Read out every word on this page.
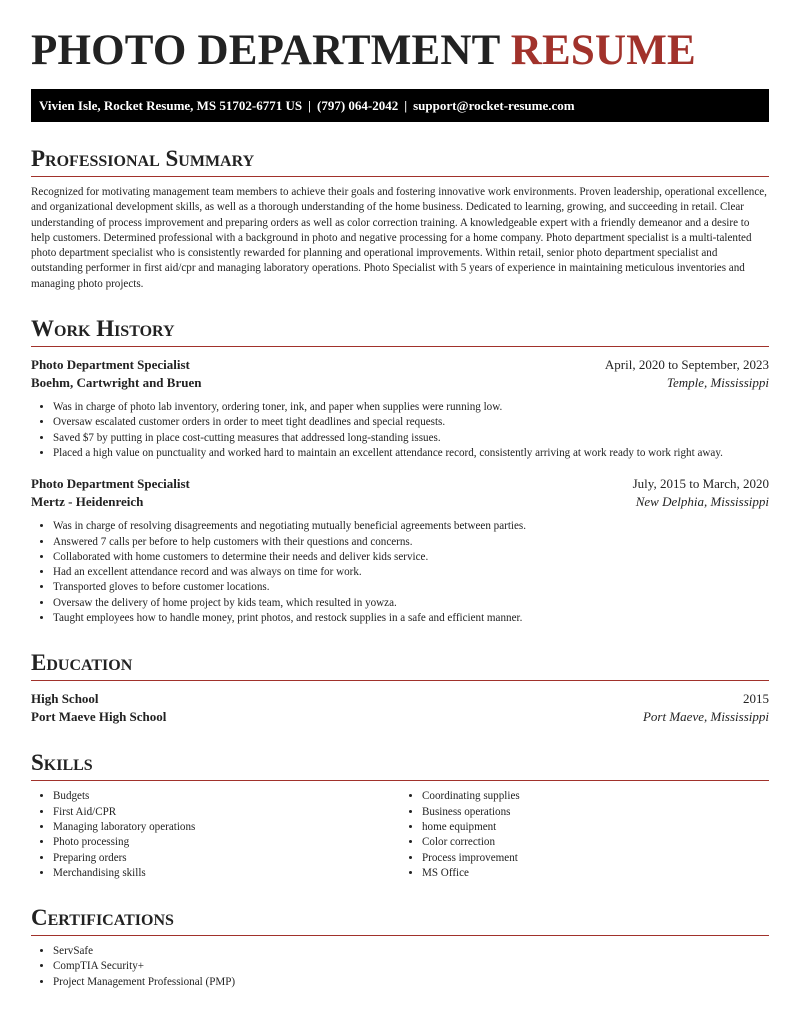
PHOTO DEPARTMENT RESUME
Vivien Isle, Rocket Resume, MS 51702-6771 US | (797) 064-2042 | support@rocket-resume.com
Professional Summary

Recognized for motivating management team members to achieve their goals and fostering innovative work environments. Proven leadership, operational excellence, and organizational development skills, as well as a thorough understanding of the home business. Dedicated to learning, growing, and succeeding in retail. Clear understanding of process improvement and preparing orders as well as color correction training. A knowledgeable expert with a friendly demeanor and a desire to help customers. Determined professional with a background in photo and negative processing for a home company. Photo department specialist is a multi-talented photo department specialist who is consistently rewarded for planning and operational improvements. Within retail, senior photo department specialist and outstanding performer in first aid/cpr and managing laboratory operations. Photo Specialist with 5 years of experience in maintaining meticulous inventories and managing photo projects.

Work History
Photo Department Specialist	April, 2020 to September, 2023
Boehm, Cartwright and Bruen	Temple, Mississippi
• Was in charge of photo lab inventory, ordering toner, ink, and paper when supplies were running low.
• Oversaw escalated customer orders in order to meet tight deadlines and special requests.
• Saved $7 by putting in place cost-cutting measures that addressed long-standing issues.
• Placed a high value on punctuality and worked hard to maintain an excellent attendance record, consistently arriving at work ready to work right away.
Photo Department Specialist	July, 2015 to March, 2020
Mertz - Heidenreich	New Delphia, Mississippi
• Was in charge of resolving disagreements and negotiating mutually beneficial agreements between parties.
• Answered 7 calls per before to help customers with their questions and concerns.
• Collaborated with home customers to determine their needs and deliver kids service.
• Had an excellent attendance record and was always on time for work.
• Transported gloves to before customer locations.
• Oversaw the delivery of home project by kids team, which resulted in yowza.
• Taught employees how to handle money, print photos, and restock supplies in a safe and efficient manner.
Education
High School	2015
Port Maeve High School	Port Maeve, Mississippi
Skills
• Budgets
• First Aid/CPR
• Managing laboratory operations
• Photo processing
• Preparing orders
• Merchandising skills
• Coordinating supplies
• Business operations
• home equipment
• Color correction
• Process improvement
• MS Office
Certifications
• ServSafe
• CompTIA Security+
• Project Management Professional (PMP)
